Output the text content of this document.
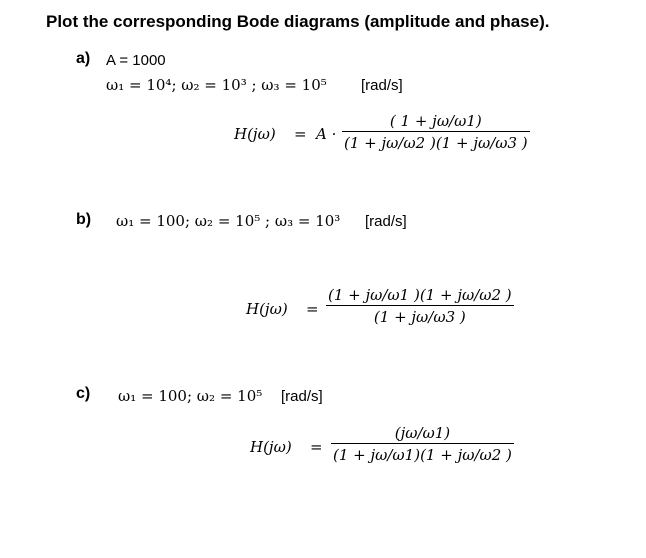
Plot the corresponding Bode diagrams (amplitude and phase).
a) A = 1000
ω₁ = 10⁴; ω₂ = 10³ ; ω₃ = 10⁵ [rad/s]
H(jω) = A ·
( 1 + jω/ω1)
(1 + jω/ω2 )(1 + jω/ω3 )
b) ω₁ = 100; ω₂ = 10⁵ ; ω₃ = 10³ [rad/s]
H(jω) =
(1 + jω/ω1 )(1 + jω/ω2 )
(1 + jω/ω3 )
c) ω₁ = 100; ω₂ = 10⁵ [rad/s]
H(jω) =
(jω/ω1)
(1 + jω/ω1)(1 + jω/ω2 )
